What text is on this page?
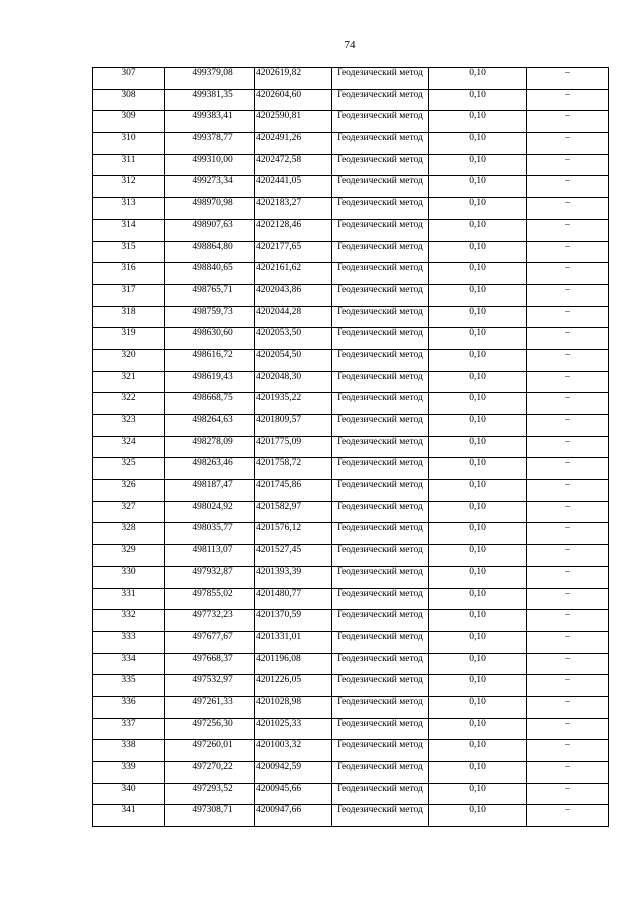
74
307	499379,08	4202619,82	Геодезический метод	0,10	–
308	499381,35	4202604,60	Геодезический метод	0,10	–
309	499383,41	4202590,81	Геодезический метод	0,10	–
310	499378,77	4202491,26	Геодезический метод	0,10	–
311	499310,00	4202472,58	Геодезический метод	0,10	–
312	499273,34	4202441,05	Геодезический метод	0,10	–
313	498970,98	4202183,27	Геодезический метод	0,10	–
314	498907,63	4202128,46	Геодезический метод	0,10	–
315	498864,80	4202177,65	Геодезический метод	0,10	–
316	498840,65	4202161,62	Геодезический метод	0,10	–
317	498765,71	4202043,86	Геодезический метод	0,10	–
318	498759,73	4202044,28	Геодезический метод	0,10	–
319	498630,60	4202053,50	Геодезический метод	0,10	–
320	498616,72	4202054,50	Геодезический метод	0,10	–
321	498619,43	4202048,30	Геодезический метод	0,10	–
322	498668,75	4201935,22	Геодезический метод	0,10	–
323	498264,63	4201809,57	Геодезический метод	0,10	–
324	498278,09	4201775,09	Геодезический метод	0,10	–
325	498263,46	4201758,72	Геодезический метод	0,10	–
326	498187,47	4201745,86	Геодезический метод	0,10	–
327	498024,92	4201582,97	Геодезический метод	0,10	–
328	498035,77	4201576,12	Геодезический метод	0,10	–
329	498113,07	4201527,45	Геодезический метод	0,10	–
330	497932,87	4201393,39	Геодезический метод	0,10	–
331	497855,02	4201480,77	Геодезический метод	0,10	–
332	497732,23	4201370,59	Геодезический метод	0,10	–
333	497677,67	4201331,01	Геодезический метод	0,10	–
334	497668,37	4201196,08	Геодезический метод	0,10	–
335	497532,97	4201226,05	Геодезический метод	0,10	–
336	497261,33	4201028,98	Геодезический метод	0,10	–
337	497256,30	4201025,33	Геодезический метод	0,10	–
338	497260,01	4201003,32	Геодезический метод	0,10	–
339	497270,22	4200942,59	Геодезический метод	0,10	–
340	497293,52	4200945,66	Геодезический метод	0,10	–
341	497308,71	4200947,66	Геодезический метод	0,10	–
